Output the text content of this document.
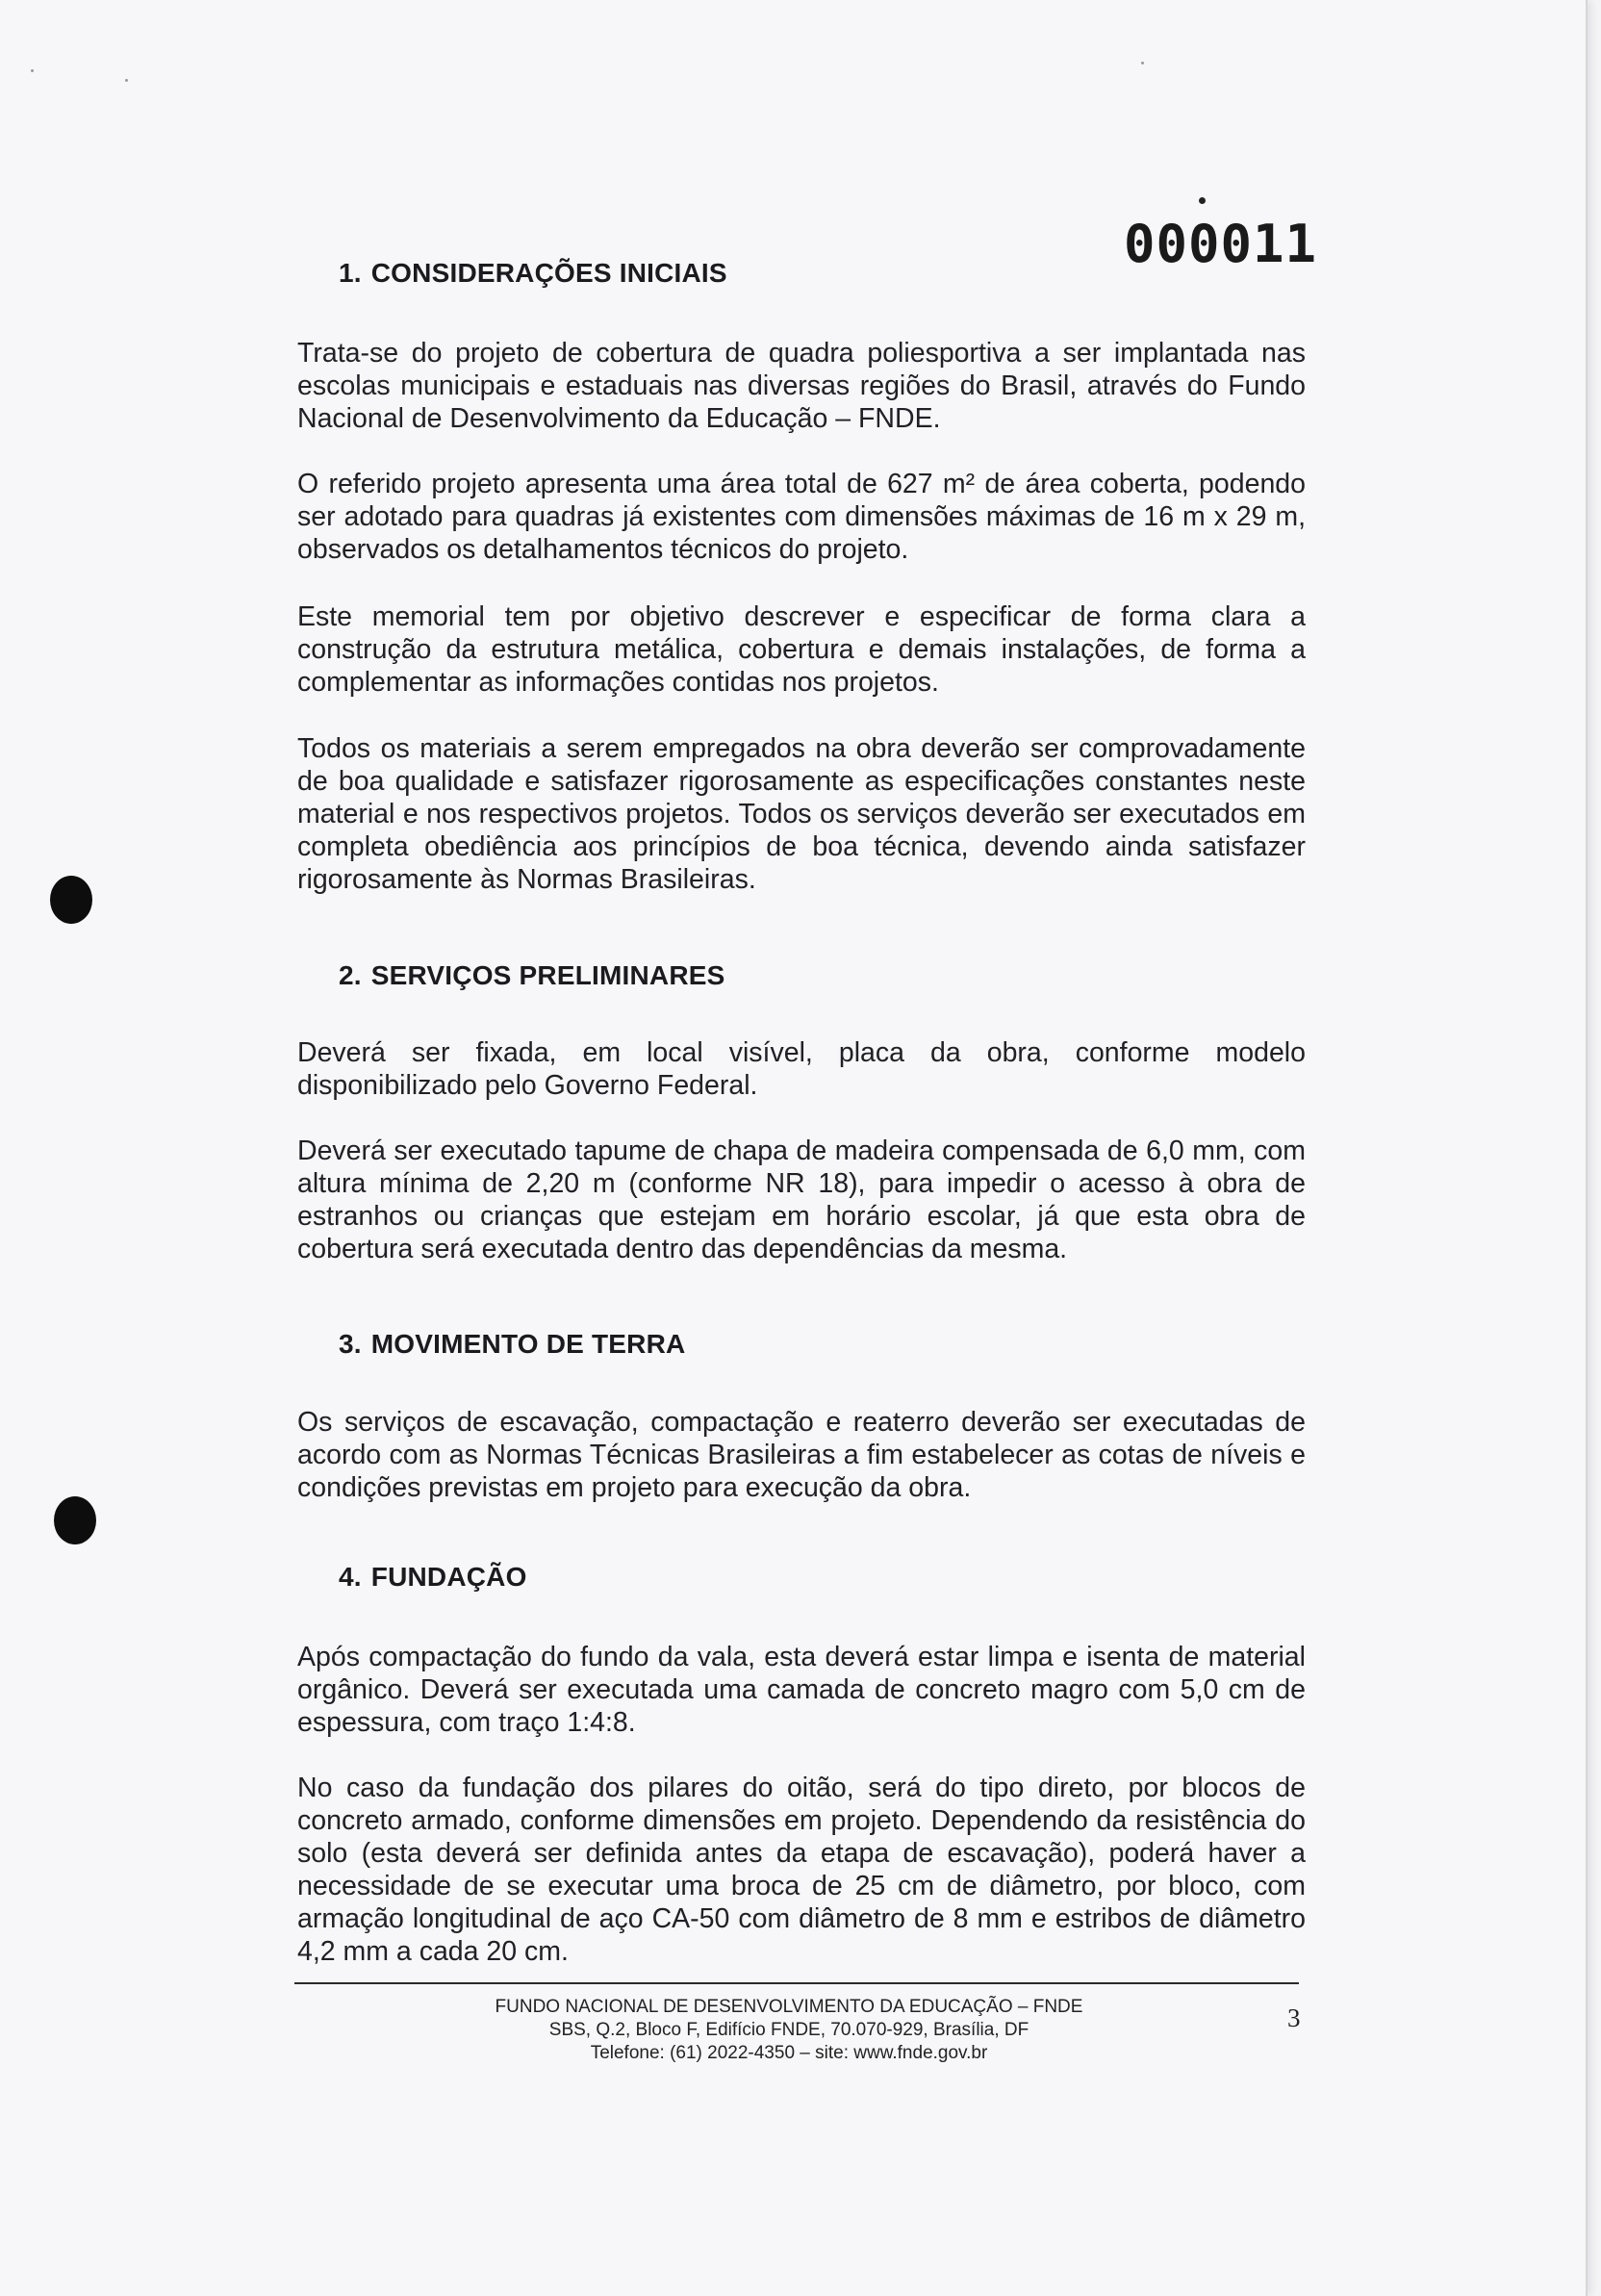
000011
1. CONSIDERAÇÕES INICIAIS
Trata-se do projeto de cobertura de quadra poliesportiva a ser implantada nas escolas municipais e estaduais nas diversas regiões do Brasil, através do Fundo Nacional de Desenvolvimento da Educação – FNDE.
O referido projeto apresenta uma área total de 627 m² de área coberta, podendo ser adotado para quadras já existentes com dimensões máximas de 16 m x 29 m, observados os detalhamentos técnicos do projeto.
Este memorial tem por objetivo descrever e especificar de forma clara a construção da estrutura metálica, cobertura e demais instalações, de forma a complementar as informações contidas nos projetos.
Todos os materiais a serem empregados na obra deverão ser comprovadamente de boa qualidade e satisfazer rigorosamente as especificações constantes neste material e nos respectivos projetos. Todos os serviços deverão ser executados em completa obediência aos princípios de boa técnica, devendo ainda satisfazer rigorosamente às Normas Brasileiras.
2. SERVIÇOS PRELIMINARES
Deverá ser fixada, em local visível, placa da obra, conforme modelo disponibilizado pelo Governo Federal.
Deverá ser executado tapume de chapa de madeira compensada de 6,0 mm, com altura mínima de 2,20 m (conforme NR 18), para impedir o acesso à obra de estranhos ou crianças que estejam em horário escolar, já que esta obra de cobertura será executada dentro das dependências da mesma.
3. MOVIMENTO DE TERRA
Os serviços de escavação, compactação e reaterro deverão ser executadas de acordo com as Normas Técnicas Brasileiras a fim estabelecer as cotas de níveis e condições previstas em projeto para execução da obra.
4. FUNDAÇÃO
Após compactação do fundo da vala, esta deverá estar limpa e isenta de material orgânico. Deverá ser executada uma camada de concreto magro com 5,0 cm de espessura, com traço 1:4:8.
No caso da fundação dos pilares do oitão, será do tipo direto, por blocos de concreto armado, conforme dimensões em projeto. Dependendo da resistência do solo (esta deverá ser definida antes da etapa de escavação), poderá haver a necessidade de se executar uma broca de 25 cm de diâmetro, por bloco, com armação longitudinal de aço CA-50 com diâmetro de 8 mm e estribos de diâmetro 4,2 mm a cada 20 cm.
FUNDO NACIONAL DE DESENVOLVIMENTO DA EDUCAÇÃO – FNDE
SBS, Q.2, Bloco F, Edifício FNDE, 70.070-929, Brasília, DF
Telefone: (61) 2022-4350 – site: www.fnde.gov.br
3
